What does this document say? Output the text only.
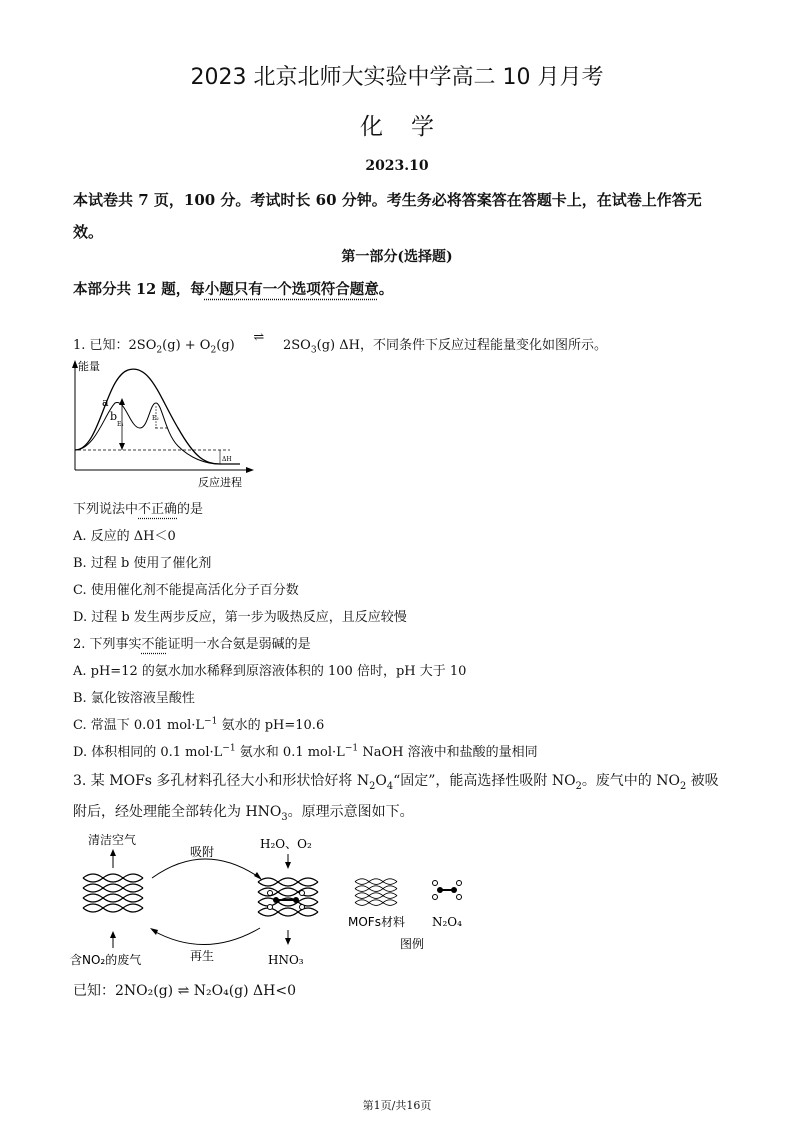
2023 北京北师大实验中学高二 10 月月考
化学
2023.10
本试卷共 7 页，100 分。考试时长 60 分钟。考生务必将答案答在答题卡上，在试卷上作答无效。
第一部分(选择题)
本部分共 12 题，每小题只有一个选项符合题意。
1. 已知：$2SO_2(g) + O_2(g)$ ⇌ $2SO_3(g)$ ΔH，不同条件下反应过程能量变化如图所示。
能量
反应进程
a
b
E₁
E₂
ΔH
下列说法中不正确的是
A. 反应的 ΔH＜0
B. 过程 b 使用了催化剂
C. 使用催化剂不能提高活化分子百分数
D. 过程 b 发生两步反应，第一步为吸热反应，且反应较慢
2. 下列事实不能证明一水合氨是弱碱的是
A. pH=12 的氨水加水稀释到原溶液体积的 100 倍时，pH 大于 10
B. 氯化铵溶液呈酸性
C. 常温下 0.01 $mol\cdot L^{-1}$ 氨水的 pH=10.6
D. 体积相同的 0.1 $mol\cdot L^{-1}$ 氨水和 0.1 $mol\cdot L^{-1}$ NaOH 溶液中和盐酸的量相同
3. 某 MOFs 多孔材料孔径大小和形状恰好将 $N_2O_4“$固定”，能高选择性吸附 $NO_2$。废气中的 $NO_2$ 被吸
附后，经处理能全部转化为 $HNO_3$。原理示意图如下。
清洁空气
含NO₂的废气
吸附
再生
H₂O、O₂
HNO₃
MOFs材料 N₂O₄
图例
已知：2NO₂(g) ⇌ N₂O₄(g) ΔH<0
第1页/共16页
